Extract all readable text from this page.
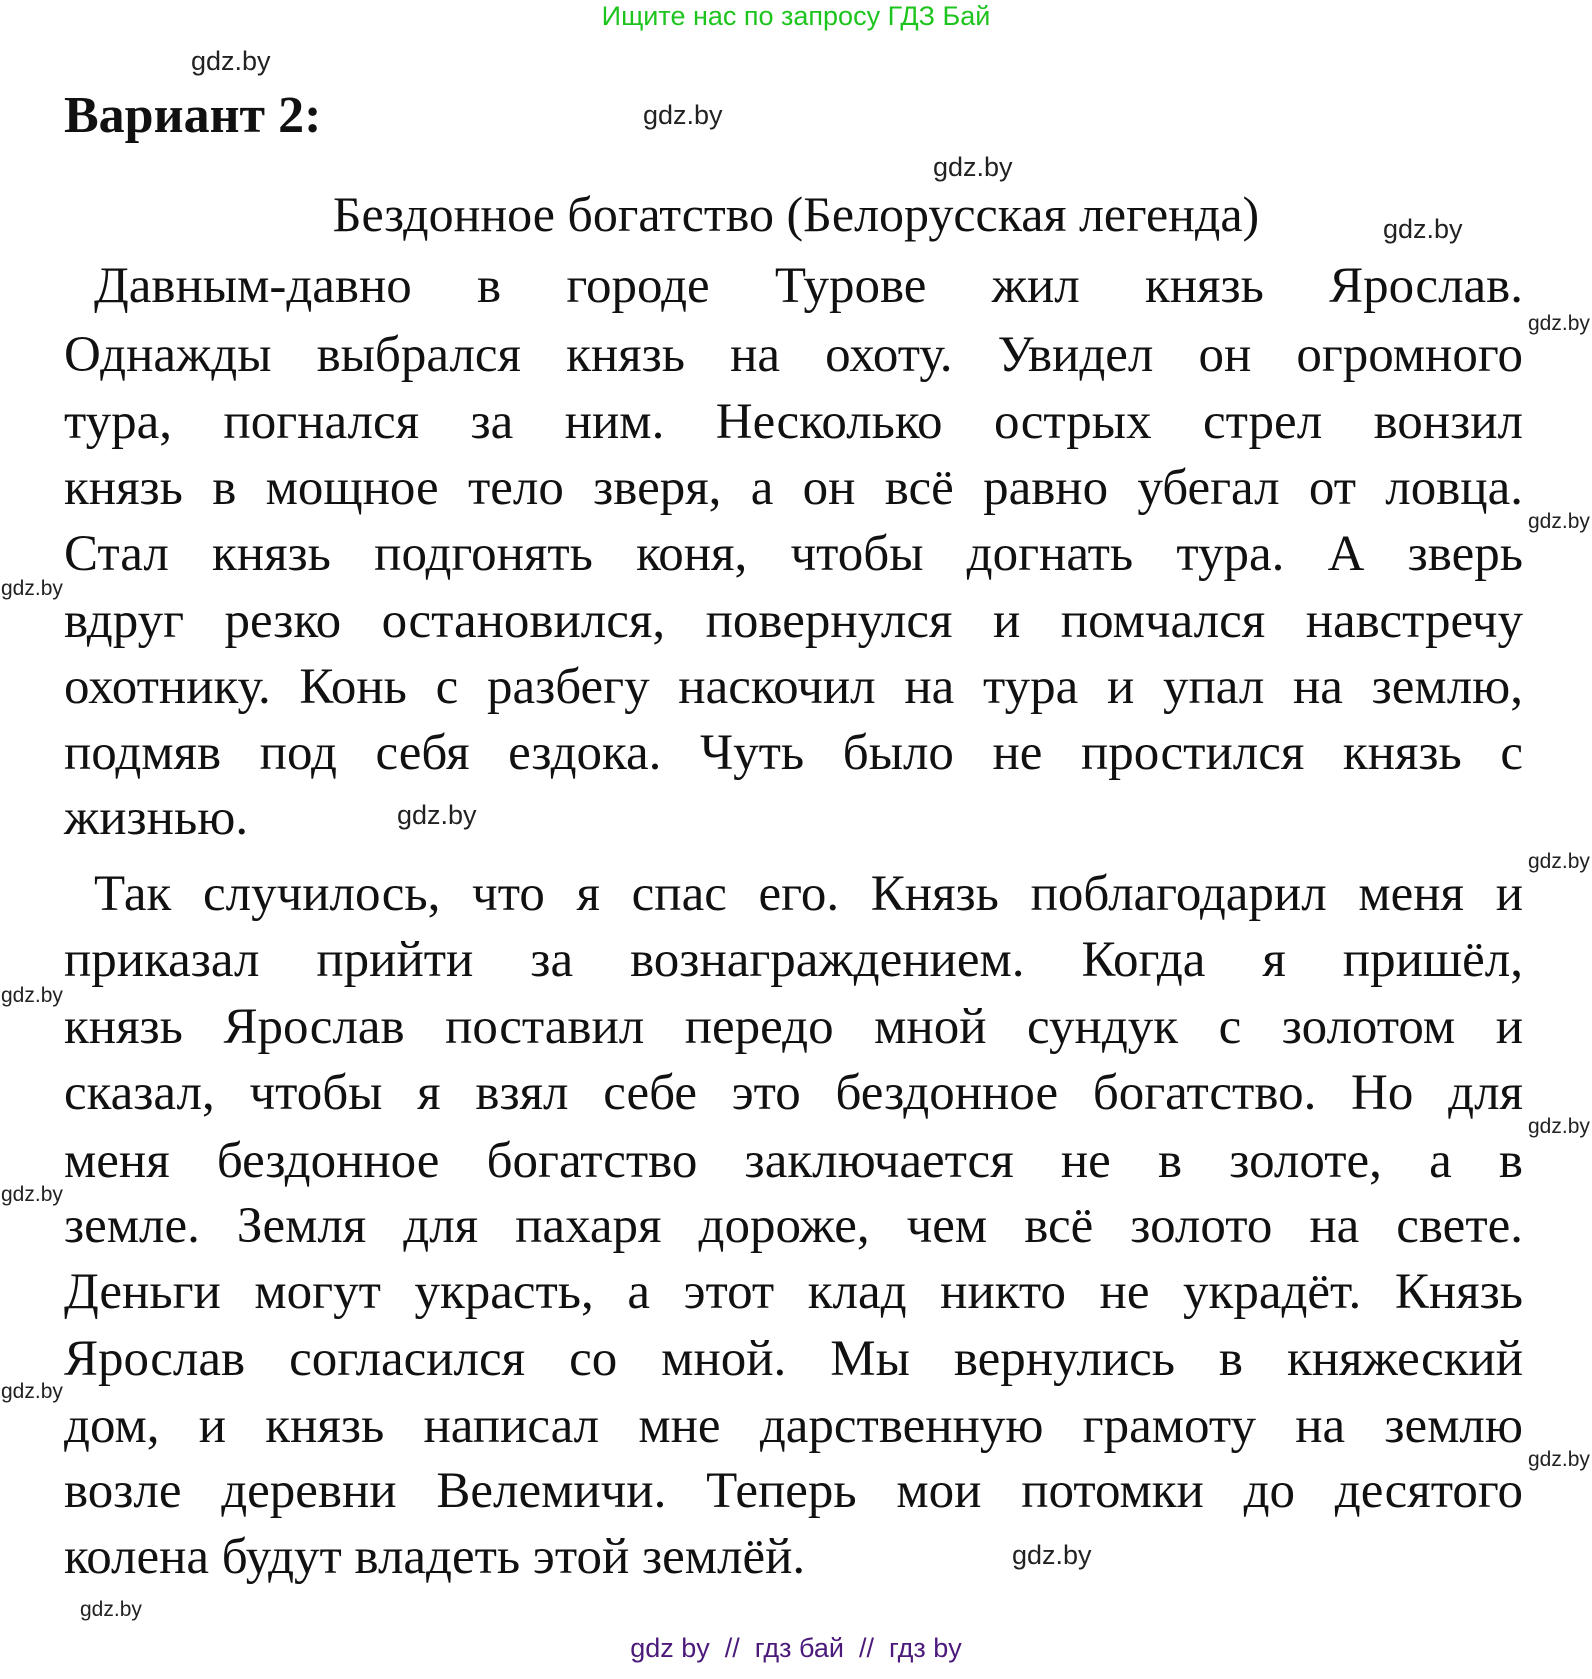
Ищите нас по запросу ГДЗ Бай
Вариант 2:
Бездонное богатство (Белорусская легенда)
Давным-давно в городе Турове жил князь Ярослав.
Однажды выбрался князь на охоту. Увидел он огромного
тура, погнался за ним. Несколько острых стрел вонзил
князь в мощное тело зверя, а он всё равно убегал от ловца.
Стал князь подгонять коня, чтобы догнать тура. А зверь
вдруг резко остановился, повернулся и помчался навстречу
охотнику. Конь с разбегу наскочил на тура и упал на землю,
подмяв под себя ездока. Чуть было не простился князь с
жизнью.
Так случилось, что я спас его. Князь поблагодарил меня и
приказал прийти за вознаграждением. Когда я пришёл,
князь Ярослав поставил передо мной сундук с золотом и
сказал, чтобы я взял себе это бездонное богатство. Но для
меня бездонное богатство заключается не в золоте, а в
земле. Земля для пахаря дороже, чем всё золото на свете.
Деньги могут украсть, а этот клад никто не украдёт. Князь
Ярослав согласился со мной. Мы вернулись в княжеский
дом, и князь написал мне дарственную грамоту на землю
возле деревни Велемичи. Теперь мои потомки до десятого
колена будут владеть этой землёй.
gdz.by
gdz.by
gdz.by
gdz.by
gdz.by
gdz.by
gdz.by
gdz.by
gdz.by
gdz.by
gdz.by
gdz.by
gdz.by
gdz.by
gdz.by
gdz.by
gdz by  //  гдз бай  //  гдз by
